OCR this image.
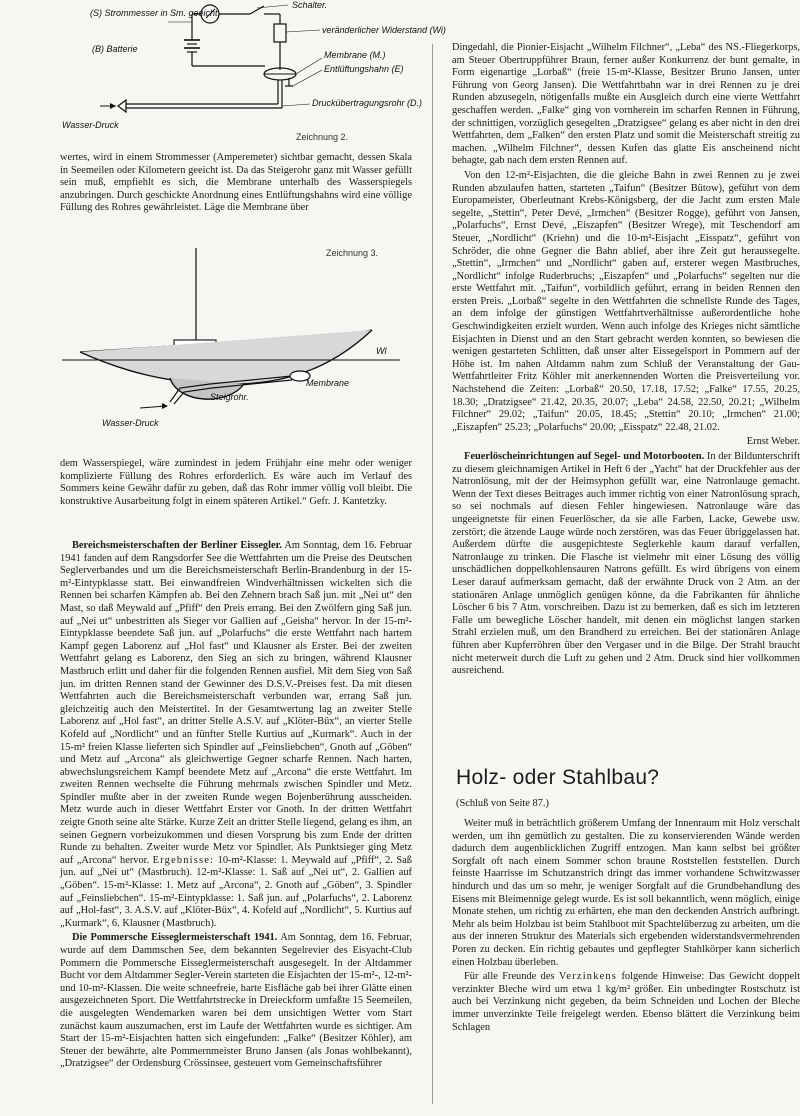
(S) Strommesser in Sm. geeicht.
Schalter.
veränderlicher Widerstand (Wi)
(B) Batterie
Membrane (M.)
Entlüftungshahn (E)
Druckübertragungsrohr (D.)
Wasser-Druck
Zeichnung 2.

wertes, wird in einem Strommesser (Amperemeter) sichtbar gemacht, dessen Skala in Seemeilen oder Kilometern geeicht ist. Da das Steigerohr ganz mit Wasser gefüllt sein muß, empfiehlt es sich, die Membrane unterhalb des Wasserspiegels anzubringen. Durch geschickte Anordnung eines Entlüftungshahns wird eine völlige Füllung des Rohres gewährleistet. Läge die Membrane über

Zeichnung 3.
Wl
Membrane
Steigrohr.
Wasser-Druck

dem Wasserspiegel, wäre zumindest in jedem Frühjahr eine mehr oder weniger komplizierte Füllung des Rohres erforderlich. Es wäre auch im Verlauf des Sommers keine Gewähr dafür zu geben, daß das Rohr immer völlig voll bleibt. Die konstruktive Ausarbeitung folgt in einem späteren Artikel.“ Gefr. J. Kantetzky.

Bereichsmeisterschaften der Berliner Eissegler. Am Sonntag, dem 16. Februar 1941 fanden auf dem Rangsdorfer See die Wettfahrten um die Preise des Deutschen Seglerverbandes und um die Bereichsmeisterschaft Berlin-Brandenburg in der 15-m²-Eintypklasse statt. Bei einwandfreien Windverhältnissen wickelten sich die Rennen bei scharfen Kämpfen ab. Bei den Zehnern brach Saß jun. mit „Nei ut“ den Mast, so daß Meywald auf „Pfiff“ den Preis errang. Bei den Zwölfern ging Saß jun. auf „Nei ut“ unbestritten als Sieger vor Gallien auf „Geisha“ hervor. In der 15-m²-Eintypklasse beendete Saß jun. auf „Polarfuchs“ die erste Wettfahrt nach hartem Kampf gegen Laborenz auf „Hol fast“ und Klausner als Erster. Bei der zweiten Wettfahrt gelang es Laborenz, den Sieg an sich zu bringen, während Klausner Mastbruch erlitt und daher für die folgenden Rennen ausfiel. Mit dem Sieg von Saß jun. im dritten Rennen stand der Gewinner des D.S.V.-Preises fest. Da mit diesen Wettfahrten auch die Bereichsmeisterschaft verbunden war, errang Saß jun. gleichzeitig auch den Meistertitel. In der Gesamtwertung lag an zweiter Stelle Laborenz auf „Hol fast“, an dritter Stelle A.S.V. auf „Klöter-Büx“, an vierter Stelle Kofeld auf „Nordlicht“ und an fünfter Stelle Kurtius auf „Kurmark“. Auch in der 15-m² freien Klasse lieferten sich Spindler auf „Feinsliebchen“, Gnoth auf „Göben“ und Metz auf „Arcona“ als gleichwertige Gegner scharfe Rennen. Nach harten, abwechslungsreichem Kampf beendete Metz auf „Arcona“ die erste Wettfahrt. Im zweiten Rennen wechselte die Führung mehrmals zwischen Spindler und Metz. Spindler mußte aber in der zweiten Runde wegen Bojenberührung ausscheiden. Metz wurde auch in dieser Wettfahrt Erster vor Gnoth. In der dritten Wettfahrt zeigte Gnoth seine alte Stärke. Kurze Zeit an dritter Stelle liegend, gelang es ihm, an seinen Gegnern vorbeizukommen und diesen Vorsprung bis zum Ende der dritten Runde zu behalten. Zweiter wurde Metz vor Spindler. Als Punktsieger ging Metz auf „Arcona“ hervor. Ergebnisse: 10-m²-Klasse: 1. Meywald auf „Pfiff“, 2. Saß jun. auf „Nei ut“ (Mastbruch). 12-m²-Klasse: 1. Saß auf „Nei ut“, 2. Gallien auf „Göben“. 15-m²-Klasse: 1. Metz auf „Arcona“, 2. Gnoth auf „Göben“, 3. Spindler auf „Feinsliebchen“. 15-m²-Eintypklasse: 1. Saß jun. auf „Polarfuchs“, 2. Laborenz auf „Hol-fast“, 3. A.S.V. auf „Klöter-Büx“, 4. Kofeld auf „Nordlicht“, 5. Kurtius auf „Kurmark“, 6. Klausner (Mastbruch).

Die Pommersche Eisseglermeisterschaft 1941. Am Sonntag, dem 16. Februar, wurde auf dem Dammschen See, dem bekannten Segelrevier des Eisyacht-Club Pommern die Pommersche Eisseglermeisterschaft ausgesegelt. In der Altdammer Bucht vor dem Altdammer Segler-Verein starteten die Eisjachten der 15-m²-, 12-m²- und 10-m²-Klassen. Die weite schneefreie, harte Eisfläche gab bei ihrer Glätte einen ausgezeichneten Sport. Die Wettfahrtstrecke in Dreieckform umfaßte 15 Seemeilen, die ausgelegten Wendemarken waren bei dem unsichtigen Wetter vom Start zunächst kaum auszumachen, erst im Laufe der Wettfahrten wurde es sichtiger. Am Start der 15-m²-Eisjachten hatten sich eingefunden: „Falke“ (Besitzer Köhler), am Steuer der bewährte, alte Pommernmeister Bruno Jansen (als Jonas wohlbekannt), „Dratzigsee“ der Ordensburg Crössinsee, gesteuert vom Gemeinschaftsführer

Dingedahl, die Pionier-Eisjacht „Wilhelm Filchner“, „Leba“ des NS.-Fliegerkorps, am Steuer Obertruppführer Braun, ferner außer Konkurrenz der bunt gemalte, in Form eigenartige „Lorbaß“ (freie 15-m²-Klasse, Besitzer Bruno Jansen, unter Führung von Georg Jansen). Die Wettfahrtbahn war in drei Rennen zu je drei Runden abzusegeln, nötigenfalls mußte ein Ausgleich durch eine vierte Wettfahrt geschaffen werden. „Falke“ ging von vornherein im scharfen Rennen in Führung, der schnittigen, vorzüglich gesegelten „Dratzigsee“ gelang es aber nicht in den drei Wettfahrten, dem „Falken“ den ersten Platz und somit die Meisterschaft streitig zu machen. „Wilhelm Filchner“, dessen Kufen das glatte Eis anscheinend nicht behagte, gab nach dem ersten Rennen auf.

Von den 12-m²-Eisjachten, die die gleiche Bahn in zwei Rennen zu je zwei Runden abzulaufen hatten, starteten „Taifun“ (Besitzer Bütow), geführt von dem Europameister, Oberleutnant Krebs-Königsberg, der die Jacht zum ersten Male segelte, „Stettin“, Peter Devé, „Irmchen“ (Besitzer Rogge), geführt von Jansen, „Polarfuchs“, Ernst Devé, „Eiszapfen“ (Besitzer Wrege), mit Teschendorf am Steuer, „Nordlicht“ (Kriehn) und die 10-m²-Eisjacht „Eisspatz“, geführt von Schröder, die ohne Gegner die Bahn ablief, aber ihre Zeit gut heraussegelte. „Stettin“, „Irmchen“ und „Nordlicht“ gaben auf, ersterer wegen Mastbruches, „Nordlicht“ infolge Ruderbruchs; „Eiszapfen“ und „Polarfuchs“ segelten nur die erste Wettfahrt mit. „Taifun“, vorbildlich geführt, errang in beiden Rennen den ersten Preis. „Lorbaß“ segelte in den Wettfahrten die schnellste Runde des Tages, an dem infolge der günstigen Wettfahrtverhältnisse außerordentliche hohe Geschwindigkeiten erzielt wurden. Wenn auch infolge des Krieges nicht sämtliche Eisjachten in Dienst und an den Start gebracht werden konnten, so bewiesen die wenigen gestarteten Schlitten, daß unser alter Eissegelsport in Pommern auf der Höhe ist. Im nahen Altdamm nahm zum Schluß der Veranstaltung der Gau-Wettfahrtleiter Fritz Köhler mit anerkennenden Worten die Preisverteilung vor. Nachstehend die Zeiten: „Lorbaß“ 20.50, 17.18, 17.52; „Falke“ 17.55, 20.25, 18.30; „Dratzigsee“ 21.42, 20.35, 20.07; „Leba“ 24.58, 22.50, 20.21; „Wilhelm Filchner“ 29.02; „Taifun“ 20.05, 18.45; „Stettin“ 20.10; „Irmchen“ 21.00; „Eiszapfen“ 25.23; „Polarfuchs“ 20.00; „Eisspatz“ 22.48, 21.02.

Ernst Weber.

Feuerlöscheinrichtungen auf Segel- und Motorbooten. In der Bildunterschrift zu diesem gleichnamigen Artikel in Heft 6 der „Yacht“ hat der Druckfehler aus der Natronlösung, mit der der Heimsyphon gefüllt war, eine Natronlauge gemacht. Wenn der Text dieses Beitrages auch immer richtig von einer Natronlösung sprach, so sei nochmals auf diesen Fehler hingewiesen. Natronlauge wäre das ungeeignetste für einen Feuerlöscher, da sie alle Farben, Lacke, Gewebe usw. zerstört; die ätzende Lauge würde noch zerstören, was das Feuer übriggelassen hat. Außerdem dürfte die ausgepichteste Seglerkehle kaum darauf verfallen, Natronlauge zu trinken. Die Flasche ist vielmehr mit einer Lösung des völlig unschädlichen doppelkohlensauren Natrons gefüllt. Es wird übrigens von einem Leser darauf aufmerksam gemacht, daß der erwähnte Druck von 2 Atm. an der stationären Anlage unmöglich genügen könne, da die Fabrikanten für ähnliche Löscher 6 bis 7 Atm. vorschreiben. Dazu ist zu bemerken, daß es sich im letzteren Falle um bewegliche Löscher handelt, mit denen ein möglichst langen starken Strahl erzielen muß, um den Brandherd zu erreichen. Bei der stationären Anlage führen aber Kupferröhren über den Vergaser und in die Bilge. Der Strahl braucht nicht meterweit durch die Luft zu gehen und 2 Atm. Druck sind hier vollkommen ausreichend.

Holz- oder Stahlbau?
(Schluß von Seite 87.)

Weiter muß in beträchtlich größerem Umfang der Innenraum mit Holz verschalt werden, um ihn gemütlich zu gestalten. Die zu konservierenden Wände werden dadurch dem augenblicklichen Zugriff entzogen. Man kann selbst bei größter Sorgfalt oft nach einem Sommer schon braune Roststellen feststellen. Durch feinste Haarrisse im Schutzanstrich dringt das immer vorhandene Schwitzwasser hindurch und das um so mehr, je weniger Sorgfalt auf die Grundbehandlung des Eisens mit Bleimennige gelegt wurde. Es ist soll bekanntlich, wenn möglich, einige Monate stehen, um richtig zu erhärten, ehe man den deckenden Anstrich aufbringt. Mehr als beim Holzbau ist beim Stahlboot mit Spachtelüberzug zu arbeiten, um die aus der inneren Struktur des Materials sich ergebenden widerstandsvermehrenden Poren zu decken. Ein richtig gebautes und gepflegter Stahlkörper kann sicherlich einen Holzbau überleben.

Für alle Freunde des Verzinkens folgende Hinweise: Das Gewicht doppelt verzinkter Bleche wird um etwa 1 kg/m² größer. Ein unbedingter Rostschutz ist auch bei Verzinkung nicht gegeben, da beim Schneiden und Lochen der Bleche immer unverzinkte Teile freigelegt werden. Ebenso blättert die Verzinkung beim Schlagen
